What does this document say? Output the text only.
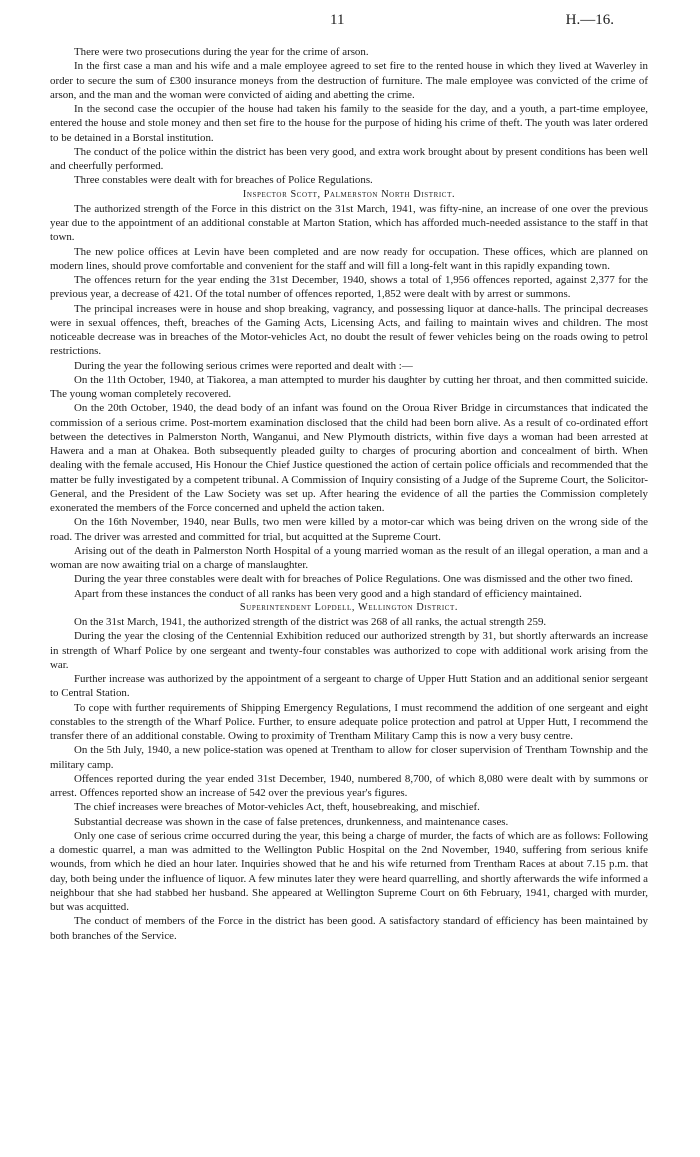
11	H.—16.

There were two prosecutions during the year for the crime of arson.

In the first case a man and his wife and a male employee agreed to set fire to the rented house in which they lived at Waverley in order to secure the sum of £300 insurance moneys from the destruction of furniture. The male employee was convicted of the crime of arson, and the man and the woman were convicted of aiding and abetting the crime.

In the second case the occupier of the house had taken his family to the seaside for the day, and a youth, a part-time employee, entered the house and stole money and then set fire to the house for the purpose of hiding his crime of theft. The youth was later ordered to be detained in a Borstal institution.

The conduct of the police within the district has been very good, and extra work brought about by present conditions has been well and cheerfully performed.

Three constables were dealt with for breaches of Police Regulations.

Inspector Scott, Palmerston North District.

The authorized strength of the Force in this district on the 31st March, 1941, was fifty-nine, an increase of one over the previous year due to the appointment of an additional constable at Marton Station, which has afforded much-needed assistance to the staff in that town.

The new police offices at Levin have been completed and are now ready for occupation. These offices, which are planned on modern lines, should prove comfortable and convenient for the staff and will fill a long-felt want in this rapidly expanding town.

The offences return for the year ending the 31st December, 1940, shows a total of 1,956 offences reported, against 2,377 for the previous year, a decrease of 421. Of the total number of offences reported, 1,852 were dealt with by arrest or summons.

The principal increases were in house and shop breaking, vagrancy, and possessing liquor at dance-halls. The principal decreases were in sexual offences, theft, breaches of the Gaming Acts, Licensing Acts, and failing to maintain wives and children. The most noticeable decrease was in breaches of the Motor-vehicles Act, no doubt the result of fewer vehicles being on the roads owing to petrol restrictions.

During the year the following serious crimes were reported and dealt with :—

On the 11th October, 1940, at Tiakorea, a man attempted to murder his daughter by cutting her throat, and then committed suicide. The young woman completely recovered.

On the 20th October, 1940, the dead body of an infant was found on the Oroua River Bridge in circumstances that indicated the commission of a serious crime. Post-mortem examination disclosed that the child had been born alive. As a result of co-ordinated effort between the detectives in Palmerston North, Wanganui, and New Plymouth districts, within five days a woman had been arrested at Hawera and a man at Ohakea. Both subsequently pleaded guilty to charges of procuring abortion and concealment of birth. When dealing with the female accused, His Honour the Chief Justice questioned the action of certain police officials and recommended that the matter be fully investigated by a competent tribunal. A Commission of Inquiry consisting of a Judge of the Supreme Court, the Solicitor-General, and the President of the Law Society was set up. After hearing the evidence of all the parties the Commission completely exonerated the members of the Force concerned and upheld the action taken.

On the 16th November, 1940, near Bulls, two men were killed by a motor-car which was being driven on the wrong side of the road. The driver was arrested and committed for trial, but acquitted at the Supreme Court.

Arising out of the death in Palmerston North Hospital of a young married woman as the result of an illegal operation, a man and a woman are now awaiting trial on a charge of manslaughter.

During the year three constables were dealt with for breaches of Police Regulations. One was dismissed and the other two fined.

Apart from these instances the conduct of all ranks has been very good and a high standard of efficiency maintained.

Superintendent Lopdell, Wellington District.

On the 31st March, 1941, the authorized strength of the district was 268 of all ranks, the actual strength 259.

During the year the closing of the Centennial Exhibition reduced our authorized strength by 31, but shortly afterwards an increase in strength of Wharf Police by one sergeant and twenty-four constables was authorized to cope with additional work arising from the war.

Further increase was authorized by the appointment of a sergeant to charge of Upper Hutt Station and an additional senior sergeant to Central Station.

To cope with further requirements of Shipping Emergency Regulations, I must recommend the addition of one sergeant and eight constables to the strength of the Wharf Police. Further, to ensure adequate police protection and patrol at Upper Hutt, I recommend the transfer there of an additional constable. Owing to proximity of Trentham Military Camp this is now a very busy centre.

On the 5th July, 1940, a new police-station was opened at Trentham to allow for closer supervision of Trentham Township and the military camp.

Offences reported during the year ended 31st December, 1940, numbered 8,700, of which 8,080 were dealt with by summons or arrest. Offences reported show an increase of 542 over the previous year's figures.

The chief increases were breaches of Motor-vehicles Act, theft, housebreaking, and mischief.

Substantial decrease was shown in the case of false pretences, drunkenness, and maintenance cases.

Only one case of serious crime occurred during the year, this being a charge of murder, the facts of which are as follows: Following a domestic quarrel, a man was admitted to the Wellington Public Hospital on the 2nd November, 1940, suffering from serious knife wounds, from which he died an hour later. Inquiries showed that he and his wife returned from Trentham Races at about 7.15 p.m. that day, both being under the influence of liquor. A few minutes later they were heard quarrelling, and shortly afterwards the wife informed a neighbour that she had stabbed her husband. She appeared at Wellington Supreme Court on 6th February, 1941, charged with murder, but was acquitted.

The conduct of members of the Force in the district has been good. A satisfactory standard of efficiency has been maintained by both branches of the Service.
